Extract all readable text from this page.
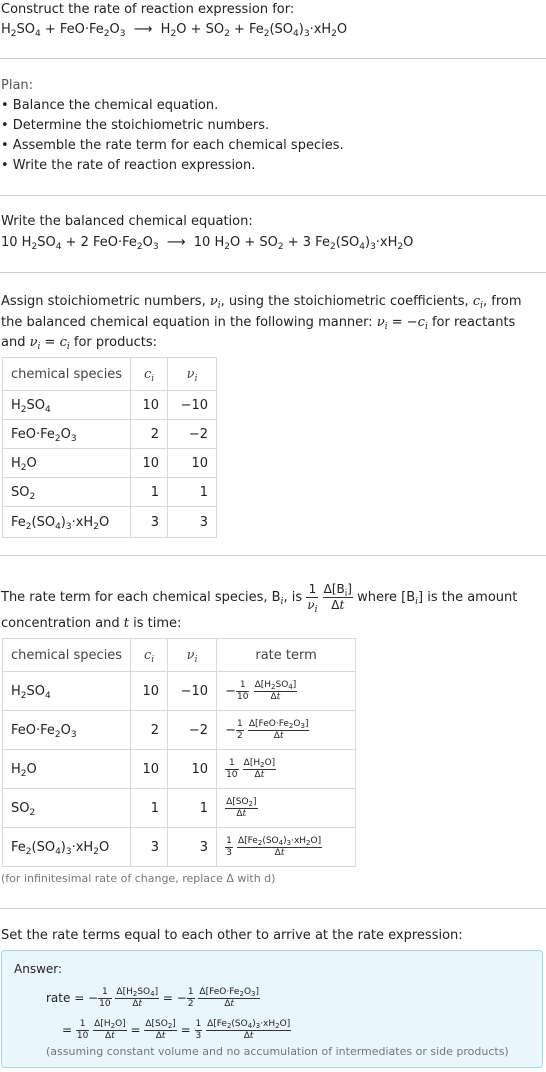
Construct the rate of reaction expression for:
$H_2SO_4 + FeO\cdot Fe_2O_3$ ⟶  $H_2O + SO_2 + Fe_2(SO_4)_3\cdot xH_2O$
Plan:
• Balance the chemical equation.
• Determine the stoichiometric numbers.
• Assemble the rate term for each chemical species.
• Write the rate of reaction expression.
Write the balanced chemical equation:
10 $H_2SO_4 + 2$ $FeO\cdot Fe_2O_3$ ⟶ 10 $H_2O + SO_2 + 3$ $Fe_2(SO_4)_3\cdot xH_2O$
Assign stoichiometric numbers, $\nu_i$, using the stoichiometric coefficients, $c_i$, from
the balanced chemical equation in the following manner: $\nu_i = -c_i$ for reactants
and $\nu_i = c_i$ for products:
chemical species	$c_i$	$\nu_i$
$H_2SO_4$	10	−10
$FeO\cdot Fe_2O_3$	2	−2
$H_2O$	10	10
$SO_2$	1	1
$Fe_2(SO_4)_3\cdot xH_2O$	3	3
The rate term for each chemical species, $B_i$, is $\frac{1}{\nu_i}$
$\frac{\Delta[B_i]}{\Delta t}$ where $[B_i]$ is the amount
concentration and t is time:
chemical species	$c_i$	$\nu_i$	rate term
$H_2SO_4$	10	−10	− $\frac{1}{10}$
$\frac{\Delta[H_2SO_4]}{\Delta t}$

$FeO\cdot Fe_2O_3$	2	−2	− $\frac{1}{2}$
$\frac{\Delta[FeO\cdot Fe_2O_3]}{\Delta t}$

$H_2O$	10	10	$\frac{1}{10}$
$\frac{\Delta[H_2O]}{\Delta t}$

$SO_2$	1	1	$\frac{\Delta[SO_2]}{\Delta t}$

$Fe_2(SO_4)_3\cdot xH_2O$	3	3	$\frac{1}{3}$
$\frac{\Delta[Fe_2(SO_4)_3\cdot xH_2O]}{\Delta t}$
(for infinitesimal rate of change, replace Δ with d)
Set the rate terms equal to each other to arrive at the rate expression:
Answer:
rate = − $\frac{1}{10}$
$\frac{\Delta[H_2SO_4]}{\Delta t}$ = − $\frac{1}{2}$
$\frac{\Delta[FeO\cdot Fe_2O_3]}{\Delta t}$
= $\frac{1}{10}$
$\frac{\Delta[H_2O]}{\Delta t} = \frac{\Delta[SO_2]}{\Delta t} = \frac{1}{3}$
$\frac{\Delta[Fe_2(SO_4)_3\cdot xH_2O]}{\Delta t}$
(assuming constant volume and no accumulation of intermediates or side products)
